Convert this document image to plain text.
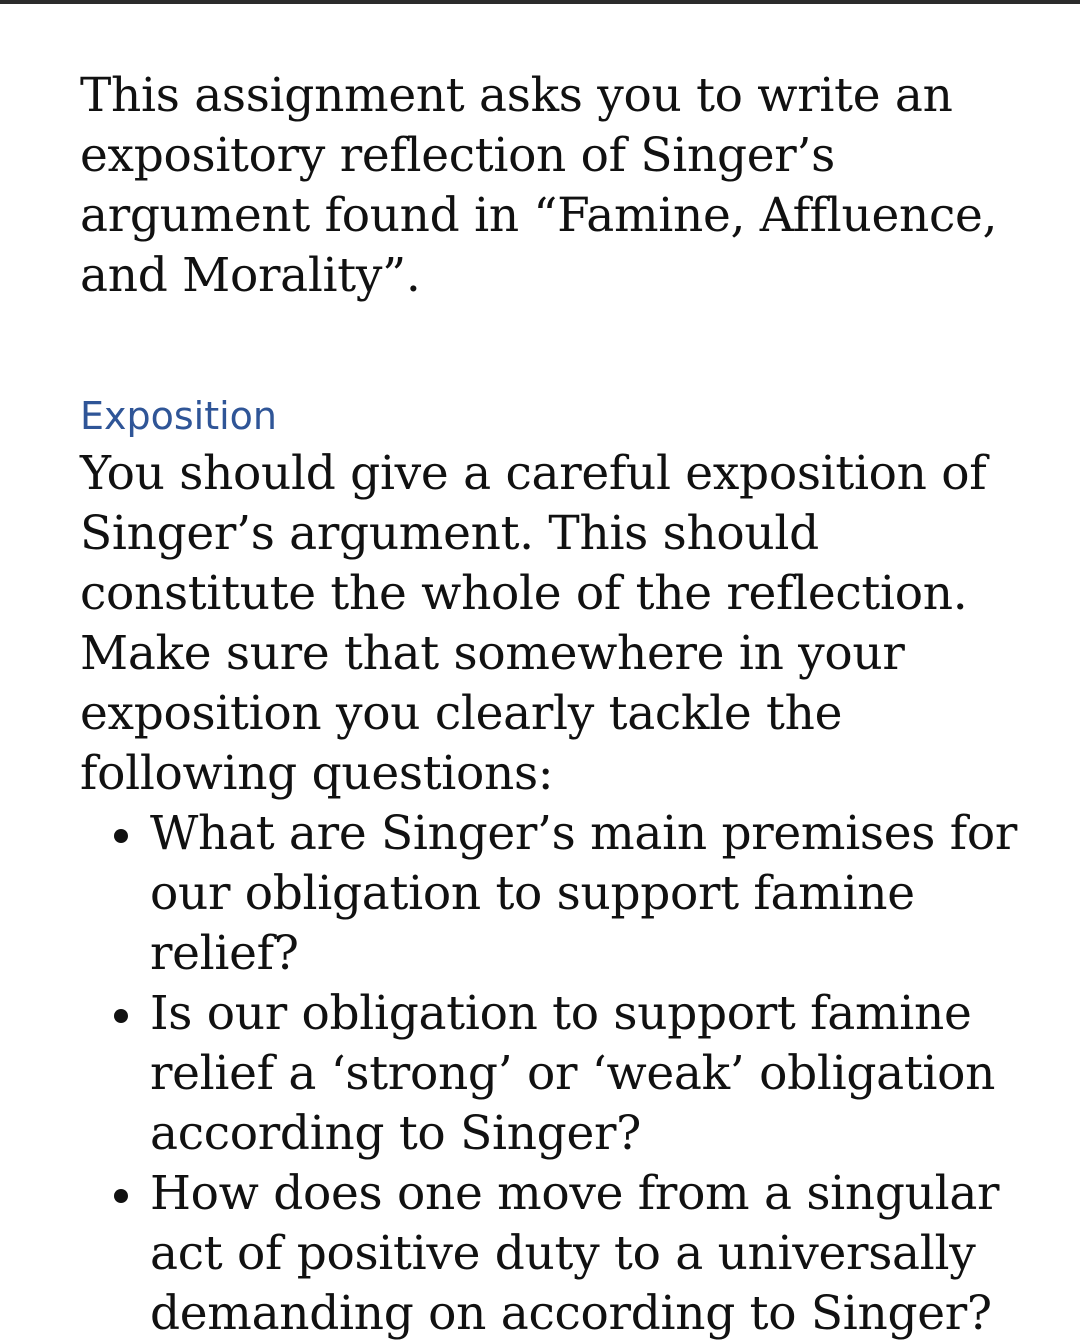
This assignment asks you to write an expository reflection of Singer’s argument found in “Famine, Affluence, and Morality”.

Exposition

You should give a careful exposition of Singer’s argument. This should constitute the whole of the reflection. Make sure that somewhere in your exposition you clearly tackle the following questions:

What are Singer’s main premises for our obligation to support famine relief?
Is our obligation to support famine relief a ‘strong’ or ‘weak’ obligation according to Singer?
How does one move from a singular act of positive duty to a universally demanding on according to Singer?
